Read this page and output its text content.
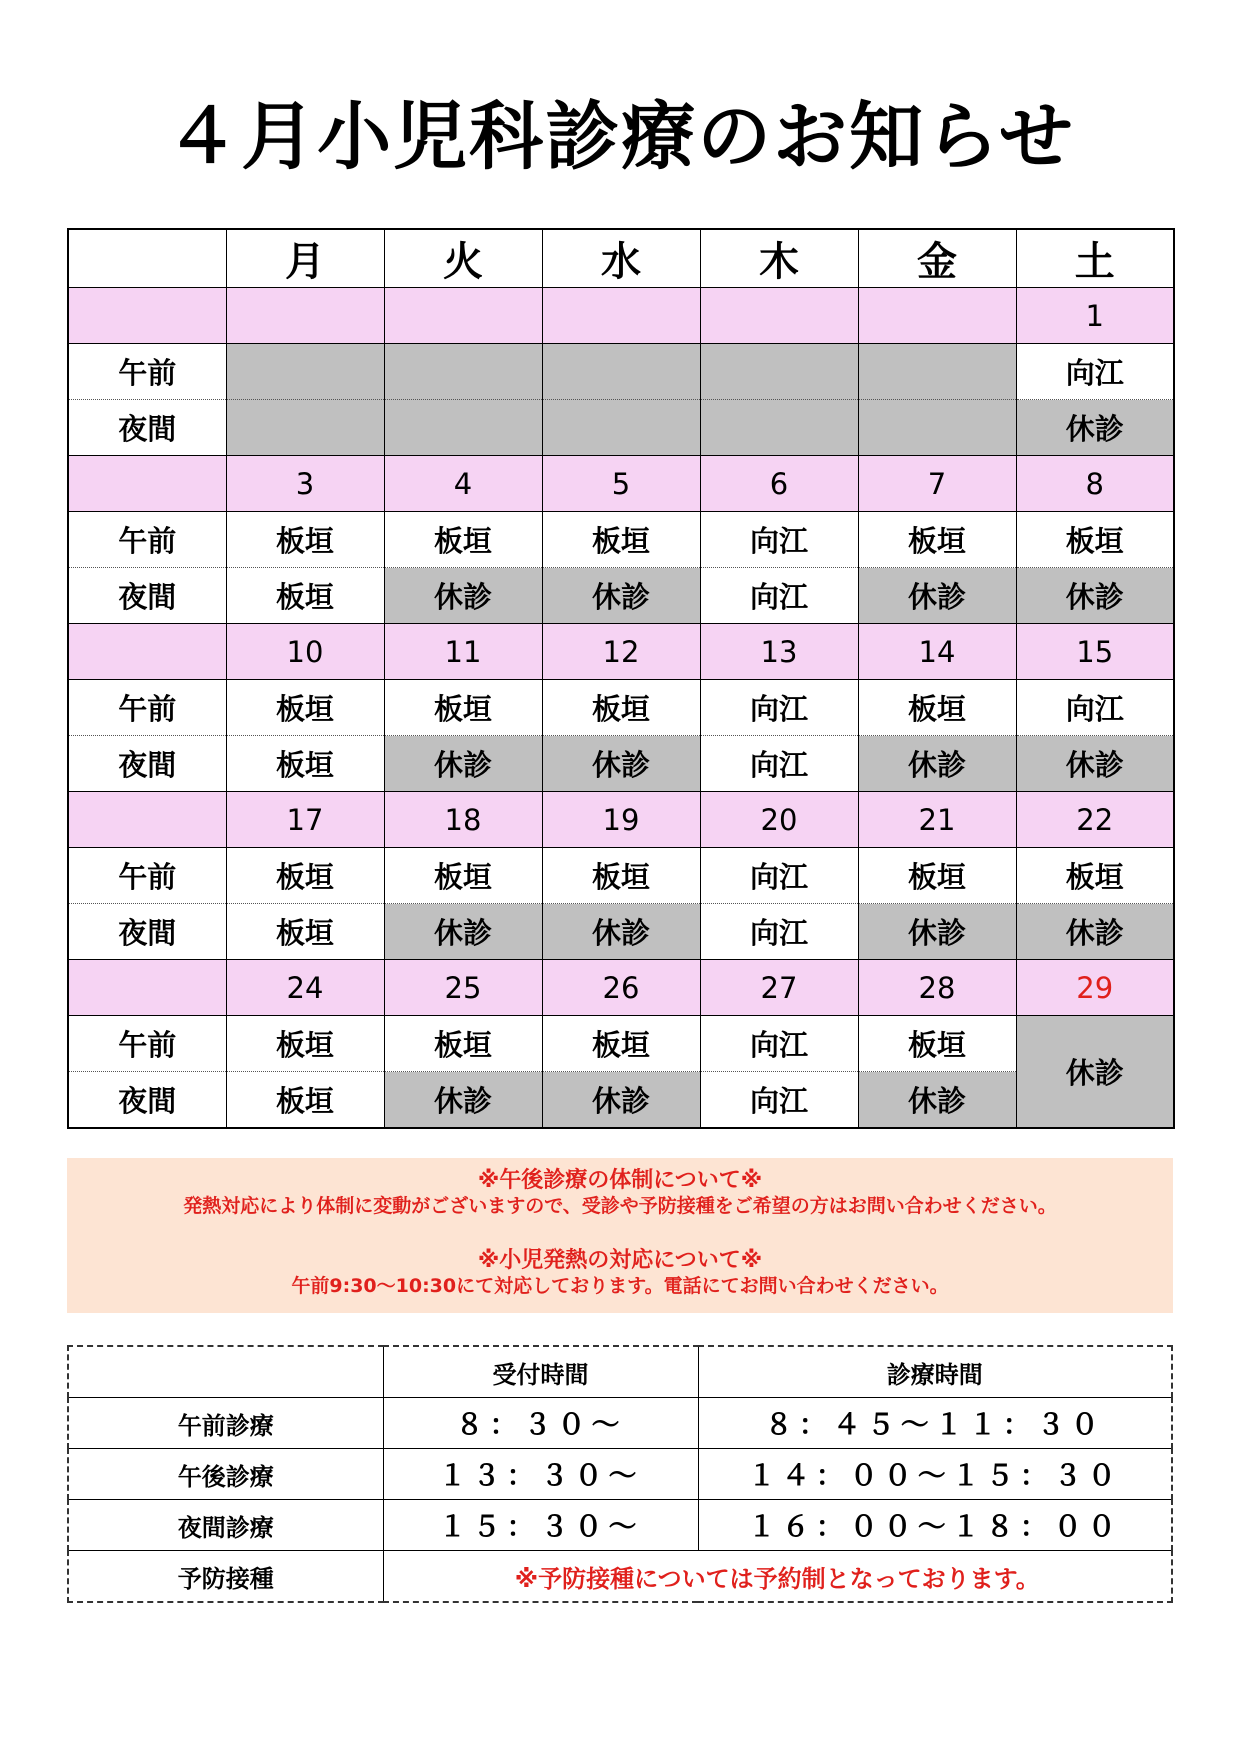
４月小児科診療のお知らせ
	月	火	水	木	金	土
						1
午前						向江
夜間						休診
	3	4	5	6	7	8
午前	板垣	板垣	板垣	向江	板垣	板垣
夜間	板垣	休診	休診	向江	休診	休診
	10	11	12	13	14	15
午前	板垣	板垣	板垣	向江	板垣	向江
夜間	板垣	休診	休診	向江	休診	休診
	17	18	19	20	21	22
午前	板垣	板垣	板垣	向江	板垣	板垣
夜間	板垣	休診	休診	向江	休診	休診
	24	25	26	27	28	29
午前	板垣	板垣	板垣	向江	板垣	休診
夜間	板垣	休診	休診	向江	休診	
※午後診療の体制について※
発熱対応により体制に変動がございますので、受診や予防接種をご希望の方はお問い合わせください。
※小児発熱の対応について※
午前9:30～10:30にて対応しております。電話にてお問い合わせください。
	受付時間	診療時間
午前診療	８：３０～	８：４５～１１：３０
午後診療	１３：３０～	１４：００～１５：３０
夜間診療	１５：３０～	１６：００～１８：００
予防接種	※予防接種については予約制となっております。	
